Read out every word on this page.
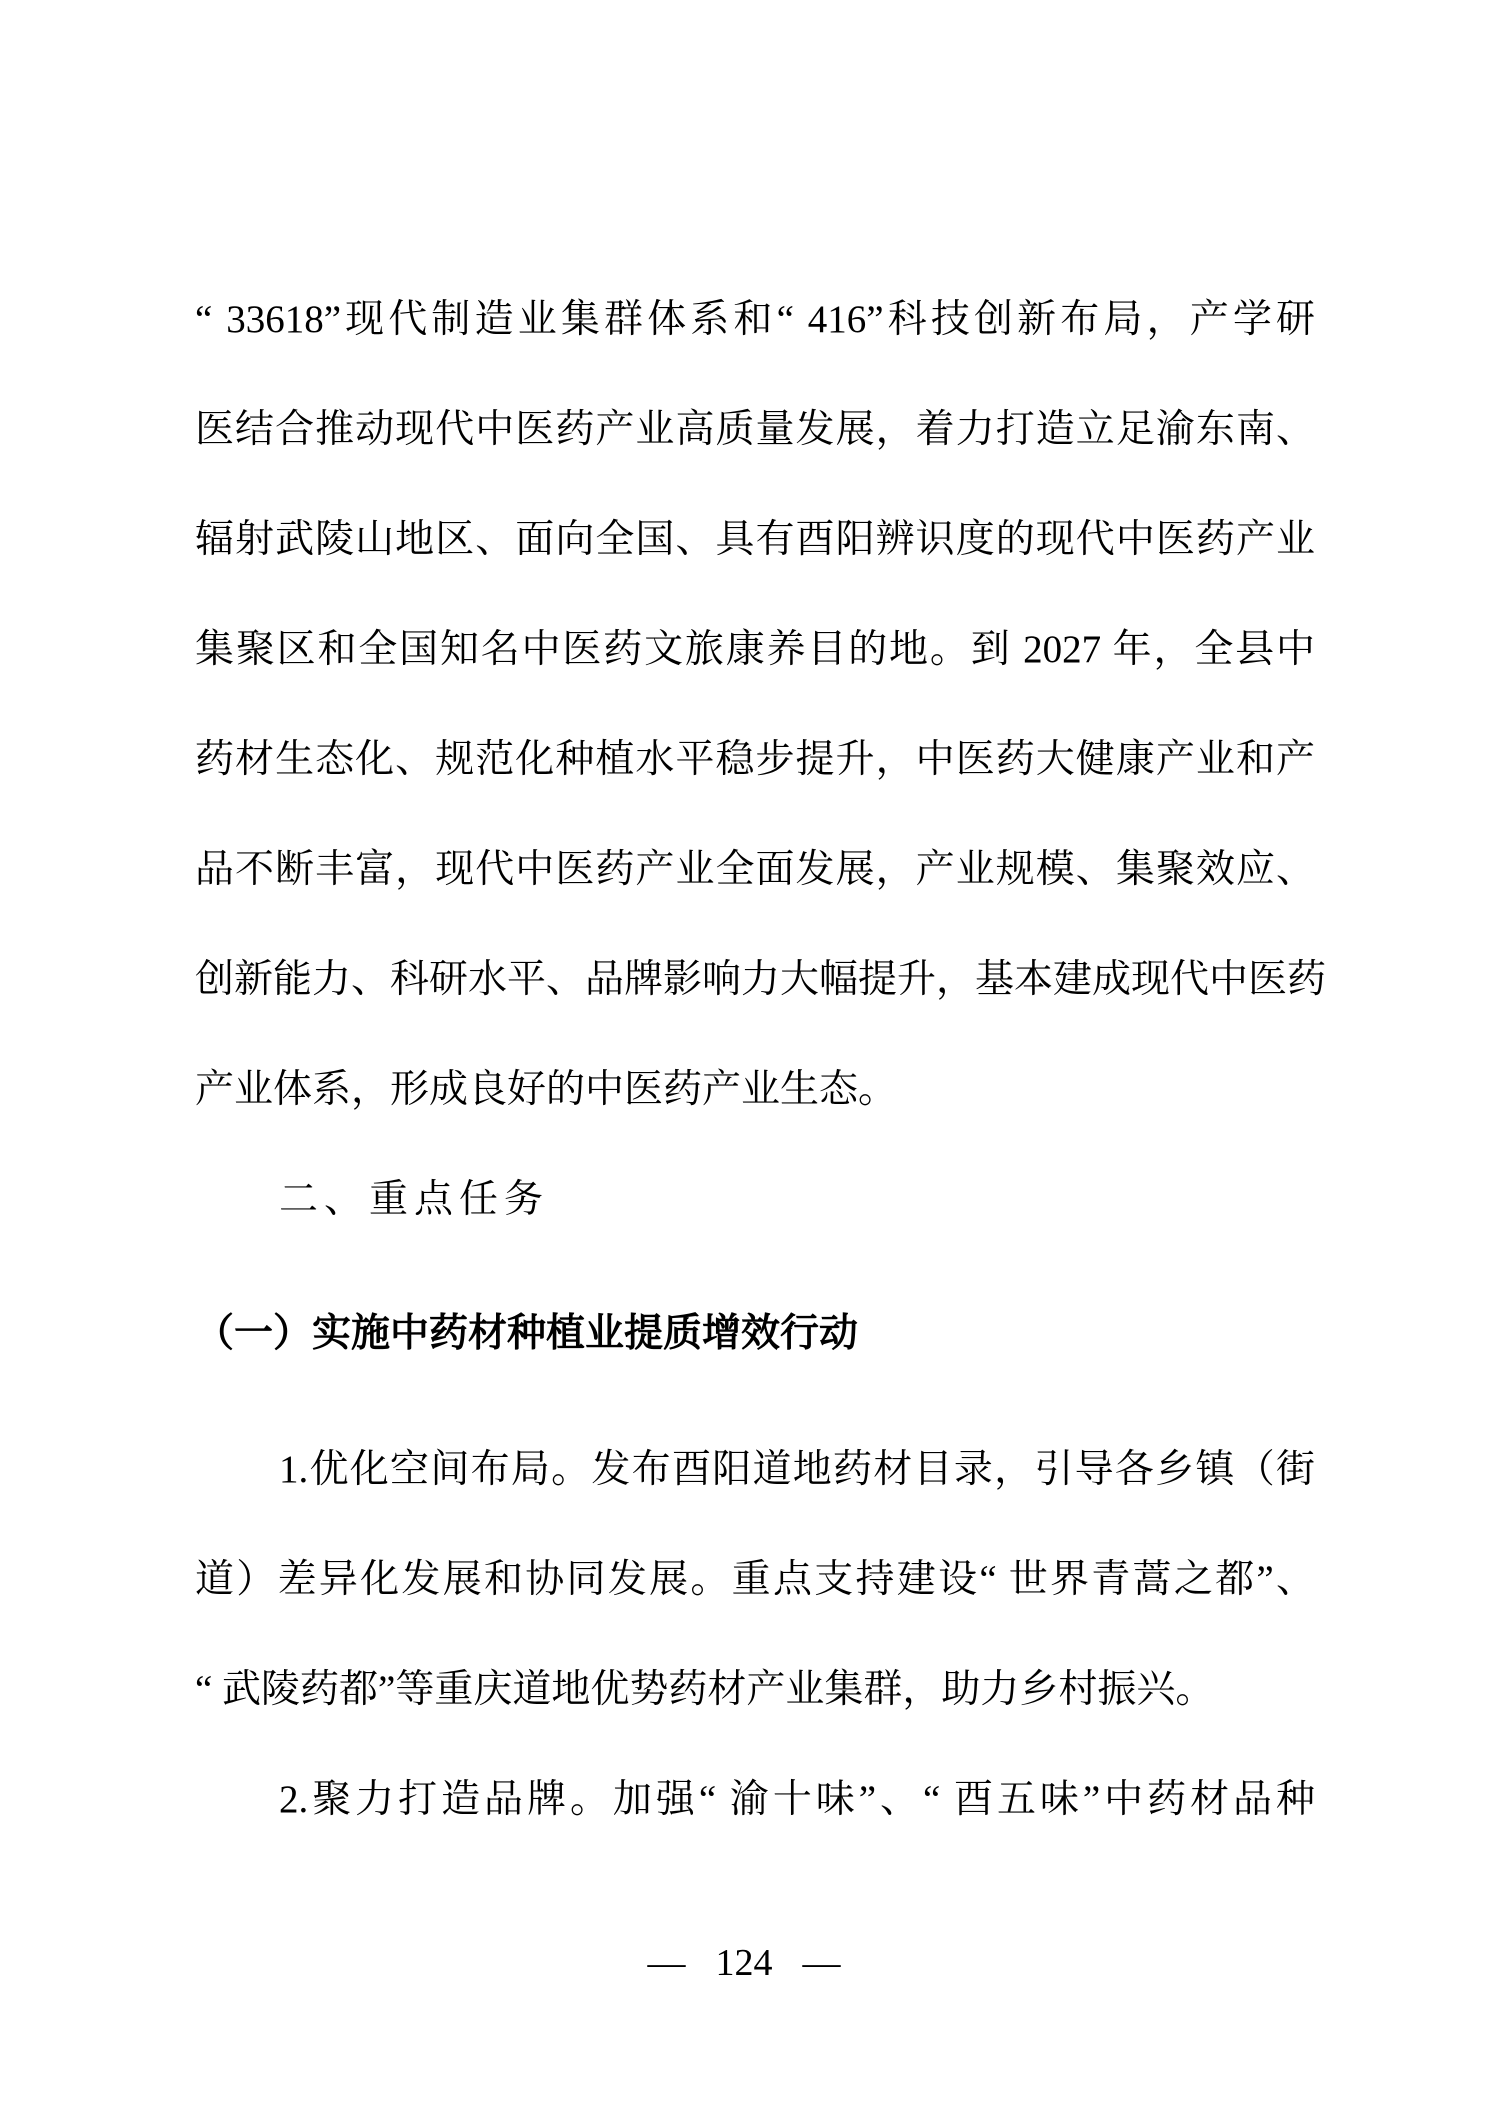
“ 33618”现代制造业集群体系和“ 416”科技创新布局，产学研
医结合推动现代中医药产业高质量发展，着力打造立足渝东南、
辐射武陵山地区、面向全国、具有酉阳辨识度的现代中医药产业
集聚区和全国知名中医药文旅康养目的地。到 2027 年，全县中
药材生态化、规范化种植水平稳步提升，中医药大健康产业和产
品不断丰富，现代中医药产业全面发展，产业规模、集聚效应、
创新能力、科研水平、品牌影响力大幅提升，基本建成现代中医药
产业体系，形成良好的中医药产业生态。
二、重点任务
（一）实施中药材种植业提质增效行动
1.优化空间布局。发布酉阳道地药材目录，引导各乡镇（街
道）差异化发展和协同发展。重点支持建设“ 世界青蒿之都”、
“ 武陵药都”等重庆道地优势药材产业集群，助力乡村振兴。
2.聚力打造品牌。加强“ 渝十味”、“ 酉五味”中药材品种
— 124 —
